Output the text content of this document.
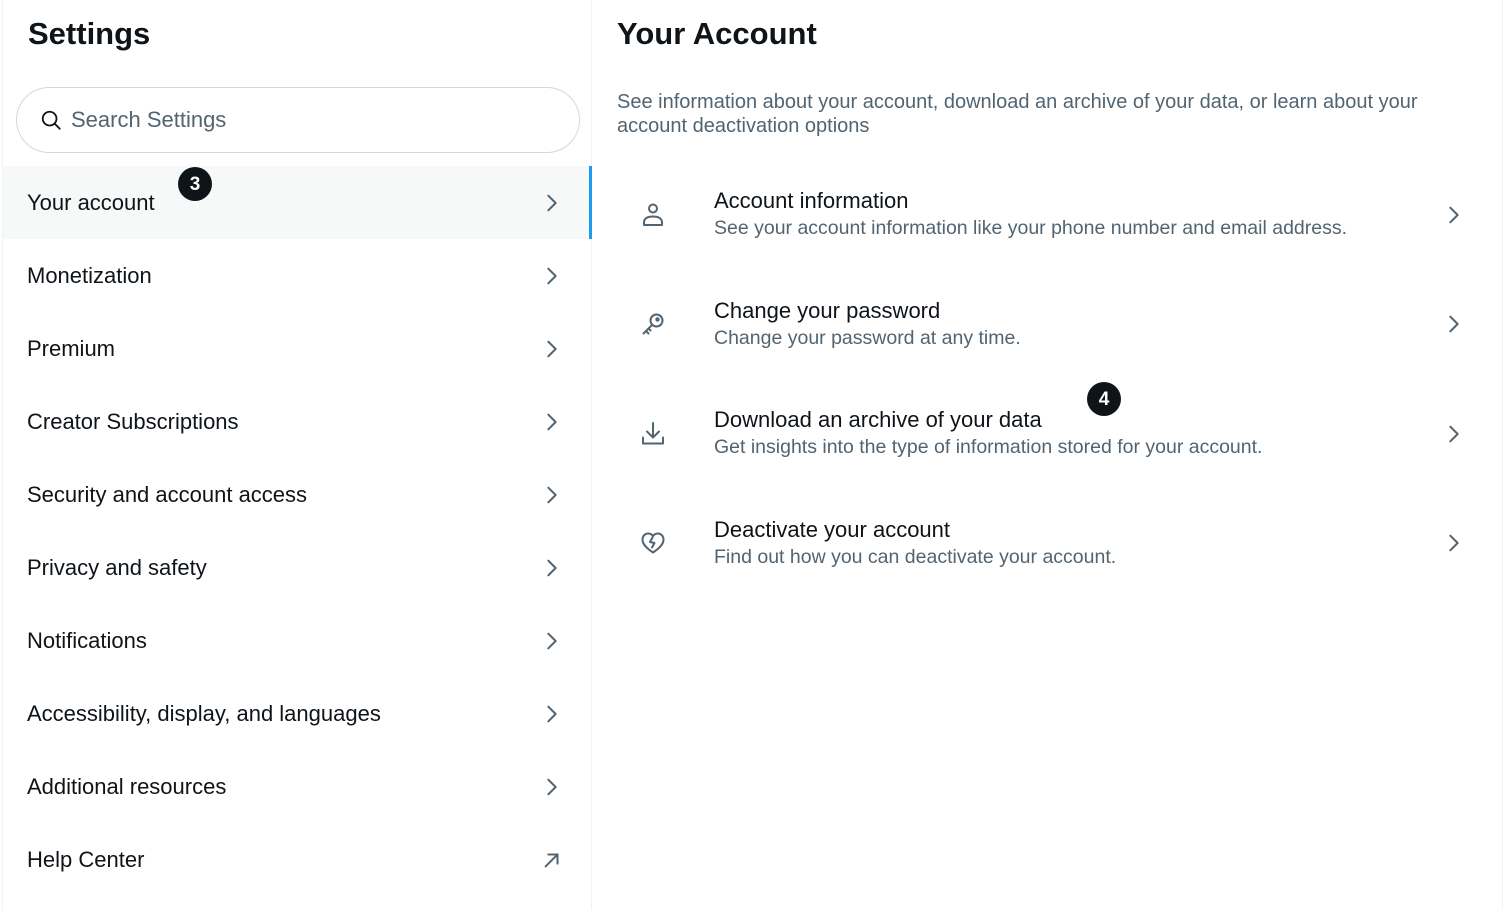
Settings
Search Settings
Your account
Monetization
Premium
Creator Subscriptions
Security and account access
Privacy and safety
Notifications
Accessibility, display, and languages
Additional resources
Help Center
3
Your Account

See information about your account, download an archive of your data, or learn about your account deactivation options

Account information
See your account information like your phone number and email address.
Change your password
Change your password at any time.
Download an archive of your data
Get insights into the type of information stored for your account.
Deactivate your account
Find out how you can deactivate your account.
4
